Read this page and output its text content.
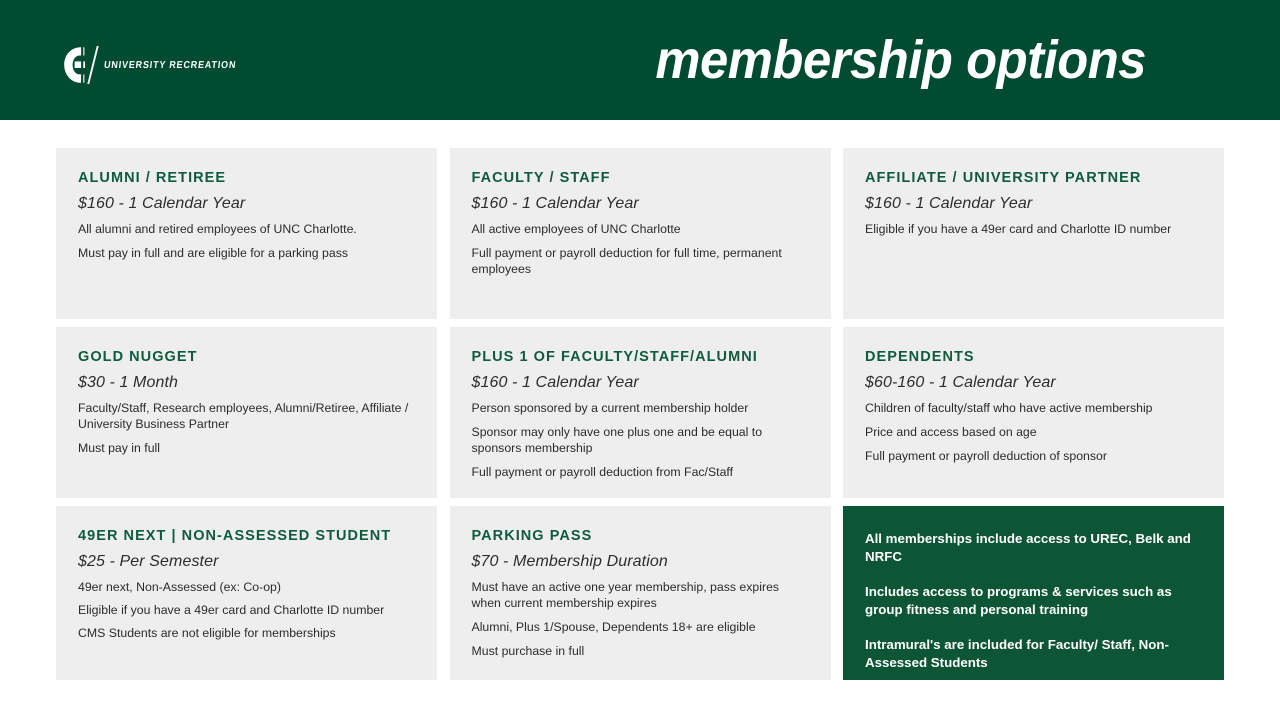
UNIVERSITY RECREATION	membership options
ALUMNI / RETIREE
$160 - 1 Calendar Year
All alumni and retired employees of UNC Charlotte.
Must pay in full and are eligible for a parking pass
FACULTY / STAFF
$160 - 1 Calendar Year
All active employees of UNC Charlotte
Full payment or payroll deduction for full time, permanent employees
AFFILIATE / UNIVERSITY PARTNER
$160 - 1 Calendar Year
Eligible if you have a 49er card and Charlotte ID number
GOLD NUGGET
$30 - 1 Month
Faculty/Staff, Research employees, Alumni/Retiree, Affiliate / University Business Partner
Must pay in full
PLUS 1 OF FACULTY/STAFF/ALUMNI
$160 - 1 Calendar Year
Person sponsored by a current membership holder
Sponsor may only have one plus one and be equal to sponsors membership
Full payment or payroll deduction from Fac/Staff
DEPENDENTS
$60-160 - 1 Calendar Year
Children of faculty/staff who have active membership
Price and access based on age
Full payment or payroll deduction of sponsor
49ER NEXT | NON-ASSESSED STUDENT
$25 - Per Semester
49er next, Non-Assessed (ex: Co-op)
Eligible if you have a 49er card and Charlotte ID number
CMS Students are not eligible for memberships
PARKING PASS
$70 - Membership Duration
Must have an active one year membership, pass expires when current membership expires
Alumni, Plus 1/Spouse, Dependents 18+ are eligible
Must purchase in full
All memberships include access to UREC, Belk and NRFC
Includes access to programs & services such as group fitness and personal training
Intramural's are included for Faculty/ Staff, Non-Assessed Students
